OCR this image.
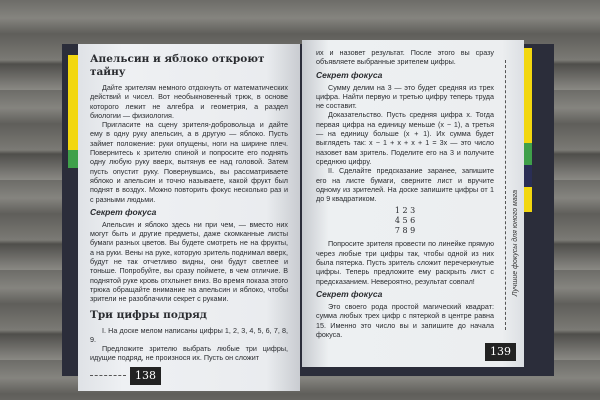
Апельсин и яблоко откроют тайну

Дайте зрителям немного отдохнуть от математических действий и чисел. Вот необыкновенный трюк, в основе которого лежит не алгебра и геометрия, а раздел биологии — физиология.

Пригласите на сцену зрителя-добровольца и дайте ему в одну руку апельсин, а в другую — яблоко. Пусть займет положение: руки опущены, ноги на ширине плеч. Повернитесь к зрителю спиной и попросите его поднять одну любую руку вверх, вытянув ее над головой. Затем пусть опустит руку. Повернувшись, вы рассматриваете яблоко и апельсин и точно называете, какой фрукт был поднят в воздух. Можно повторить фокус несколько раз и с разными людьми.

Секрет фокуса

Апельсин и яблоко здесь ни при чем, — вместо них могут быть и другие предметы, даже скомканные листы бумаги разных цветов. Вы будете смотреть не на фрукты, а на руки. Вены на руке, которую зритель поднимал вверх, будут не так отчетливо видны, они будут светлее и тоньше. Попробуйте, вы сразу поймете, в чем отличие. В поднятой руке кровь отхлынет вниз. Во время показа этого трюка обращайте внимание на апельсин и яблоко, чтобы зрители не разоблачили секрет с руками.

Три цифры подряд

I. На доске мелом написаны цифры 1, 2, 3, 4, 5, 6, 7, 8, 9.

Предложите зрителю выбрать любые три цифры, идущие подряд, не произнося их. Пусть он сложит

138

их и назовет результат. После этого вы сразу объявляете выбранные зрителем цифры.

Секрет фокуса

Сумму делим на 3 — это будет средняя из трех цифра. Найти первую и третью цифру теперь труда не составит.

Доказательство. Пусть средняя цифра x. Тогда первая цифра на единицу меньше (x − 1), а третья — на единицу больше (x + 1). Их сумма будет выглядеть так: x − 1 + x + x + 1 = 3x — это число назовет вам зритель. Поделите его на 3 и получите среднюю цифру.

II. Сделайте предсказание заранее, запишите его на листе бумаги, сверните лист и вручите одному из зрителей. На доске запишите цифры от 1 до 9 квадратиком.

1 2 3
4 5 6
7 8 9

Попросите зрителя провести по линейке прямую через любые три цифры так, чтобы одной из них была пятерка. Пусть зритель сложит перечеркнутые цифры. Теперь предложите ему раскрыть лист с предсказанием. Невероятно, результат совпал!

Секрет фокуса

Это своего рода простой магический квадрат: сумма любых трех цифр с пятеркой в центре равна 15. Именно это число вы и запишите до начала фокуса.

139
Лучшие фокусы для юного мага
